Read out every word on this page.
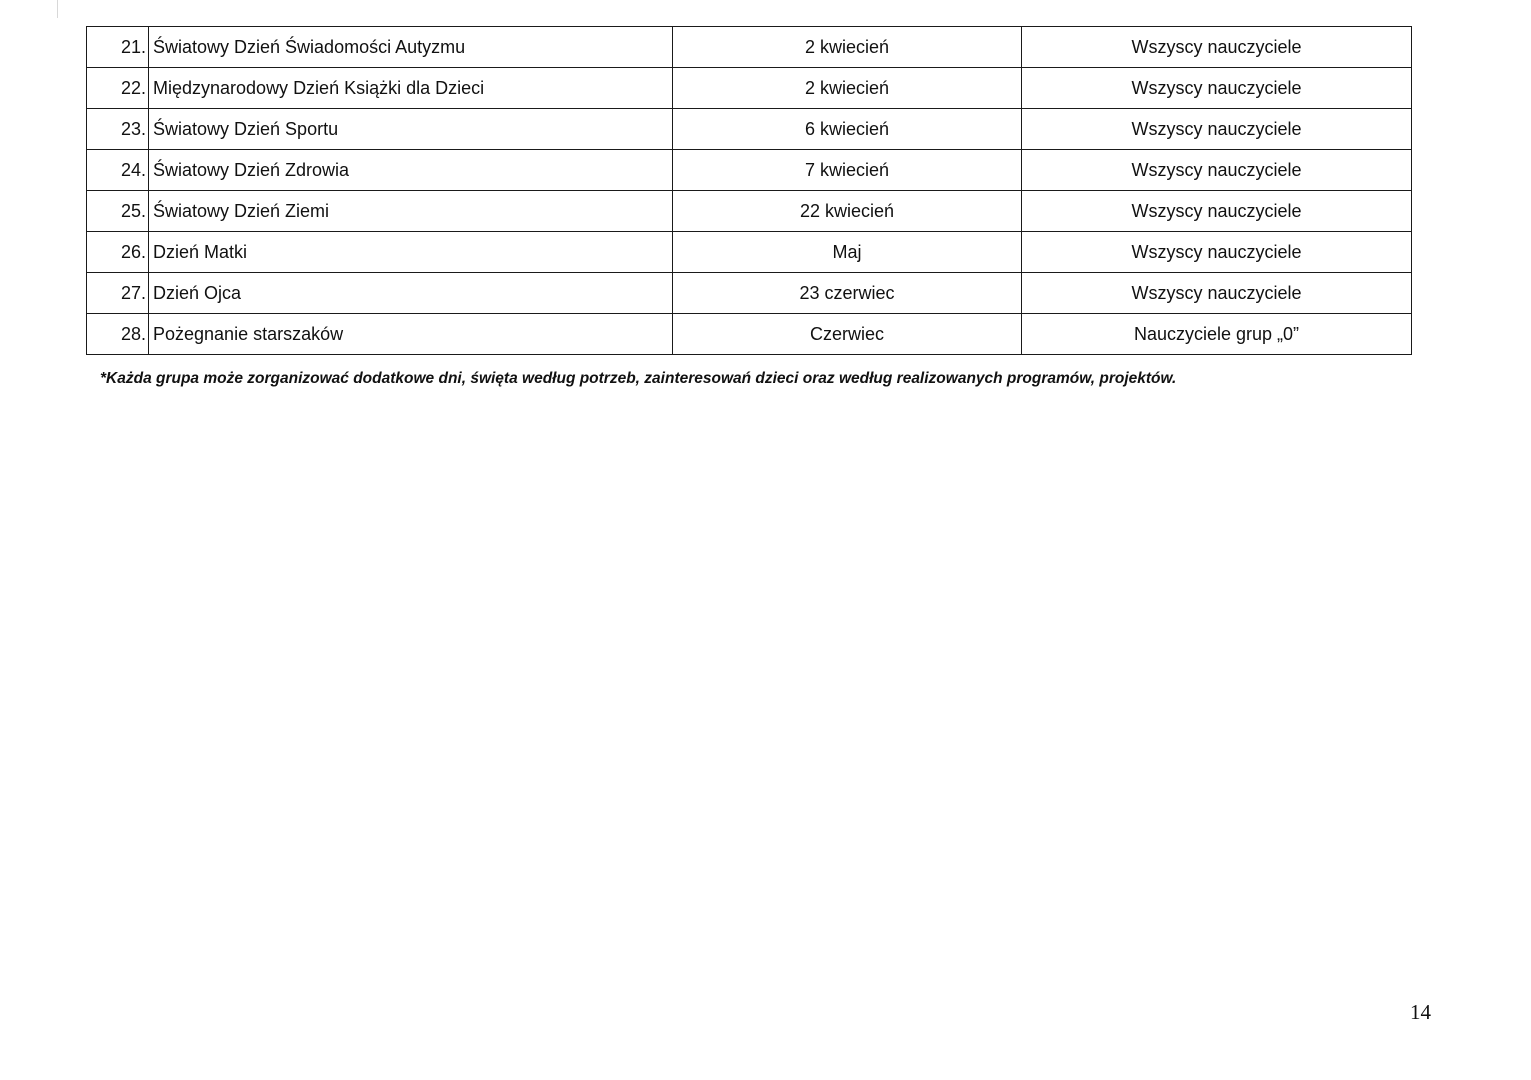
21.	Światowy Dzień Świadomości Autyzmu	2 kwiecień	Wszyscy nauczyciele
22.	Międzynarodowy Dzień Książki dla Dzieci	2 kwiecień	Wszyscy nauczyciele
23.	Światowy Dzień Sportu	6 kwiecień	Wszyscy nauczyciele
24.	Światowy Dzień Zdrowia	7 kwiecień	Wszyscy nauczyciele
25.	Światowy Dzień Ziemi	22 kwiecień	Wszyscy nauczyciele
26.	Dzień Matki	Maj	Wszyscy nauczyciele
27.	Dzień Ojca	23 czerwiec	Wszyscy nauczyciele
28.	Pożegnanie starszaków	Czerwiec	Nauczyciele grup „0”
*Każda grupa może zorganizować dodatkowe dni, święta według potrzeb, zainteresowań dzieci oraz według realizowanych programów, projektów.
14
